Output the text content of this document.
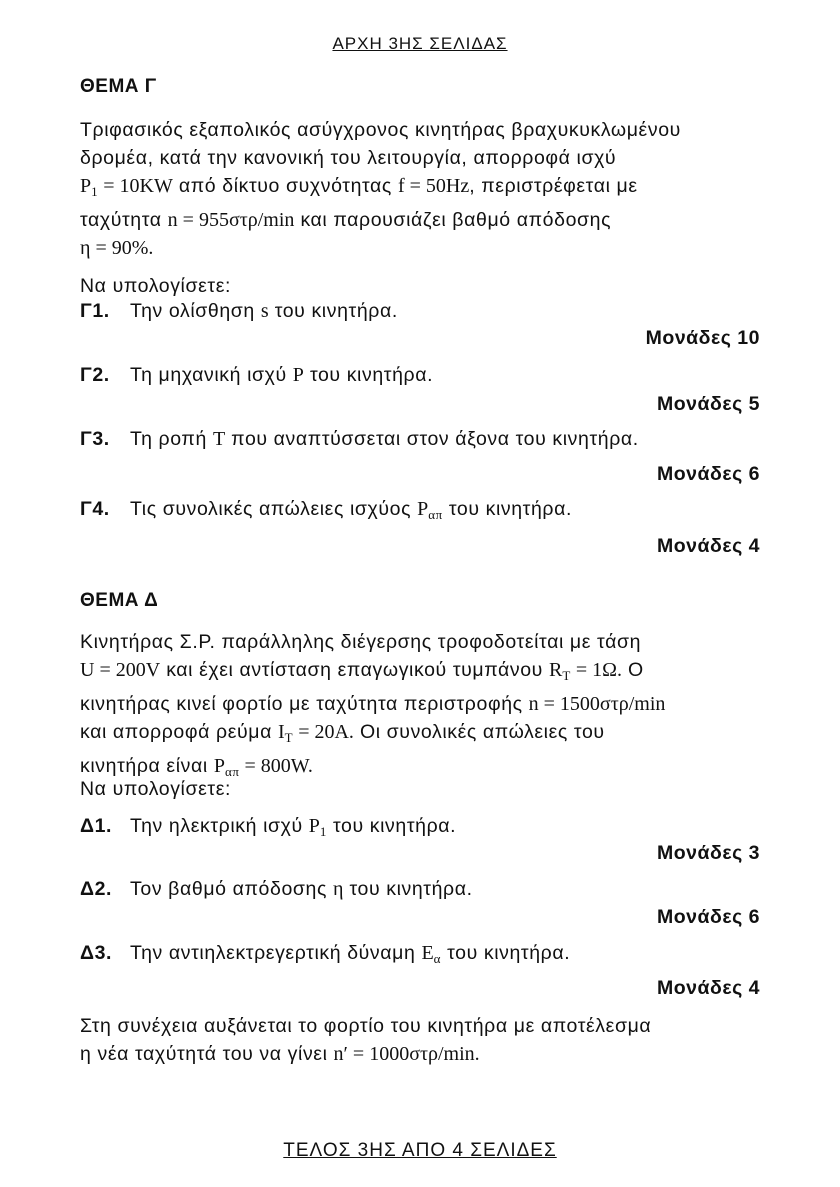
ΑΡΧΗ 3ΗΣ ΣΕΛΙΔΑΣ
ΘΕΜΑ Γ
Τριφασικός εξαπολικός ασύγχρονος κινητήρας βραχυκυκλωμένου
δρομέα, κατά την κανονική του λειτουργία, απορροφά ισχύ
$P_1 = 10KW$ από δίκτυο συχνότητας f = 50Hz, περιστρέφεται με
ταχύτητα n = 955στρ/min και παρουσιάζει βαθμό απόδοσης
η = 90%.
Να υπολογίσετε:
Γ1. Την ολίσθηση s του κινητήρα.
Μονάδες 10
Γ2. Τη μηχανική ισχύ P του κινητήρα.
Μονάδες 5
Γ3. Τη ροπή T που αναπτύσσεται στον άξονα του κινητήρα.
Μονάδες 6
Γ4. Τις συνολικές απώλειες ισχύος $P_{\alpha\pi}$ του κινητήρα.
Μονάδες 4
ΘΕΜΑ Δ
Κινητήρας Σ.Ρ. παράλληλης διέγερσης τροφοδοτείται με τάση
U = 200V και έχει αντίσταση επαγωγικού τυμπάνου $R_T = 1\Omega$. Ο
κινητήρας κινεί φορτίο με ταχύτητα περιστροφής n = 1500στρ/min
και απορροφά ρεύμα $I_T = 20A$. Οι συνολικές απώλειες του
κινητήρα είναι $P_{\alpha\pi} = 800W$.
Να υπολογίσετε:
Δ1. Την ηλεκτρική ισχύ $P_1$ του κινητήρα.
Μονάδες 3
Δ2. Τον βαθμό απόδοσης η του κινητήρα.
Μονάδες 6
Δ3. Την αντιηλεκτρεγερτική δύναμη $E_\alpha$ του κινητήρα.
Μονάδες 4
Στη συνέχεια αυξάνεται το φορτίο του κινητήρα με αποτέλεσμα
η νέα ταχύτητά του να γίνει n′ = 1000στρ/min.
ΤΕΛΟΣ 3ΗΣ ΑΠΟ 4 ΣΕΛΙΔΕΣ
